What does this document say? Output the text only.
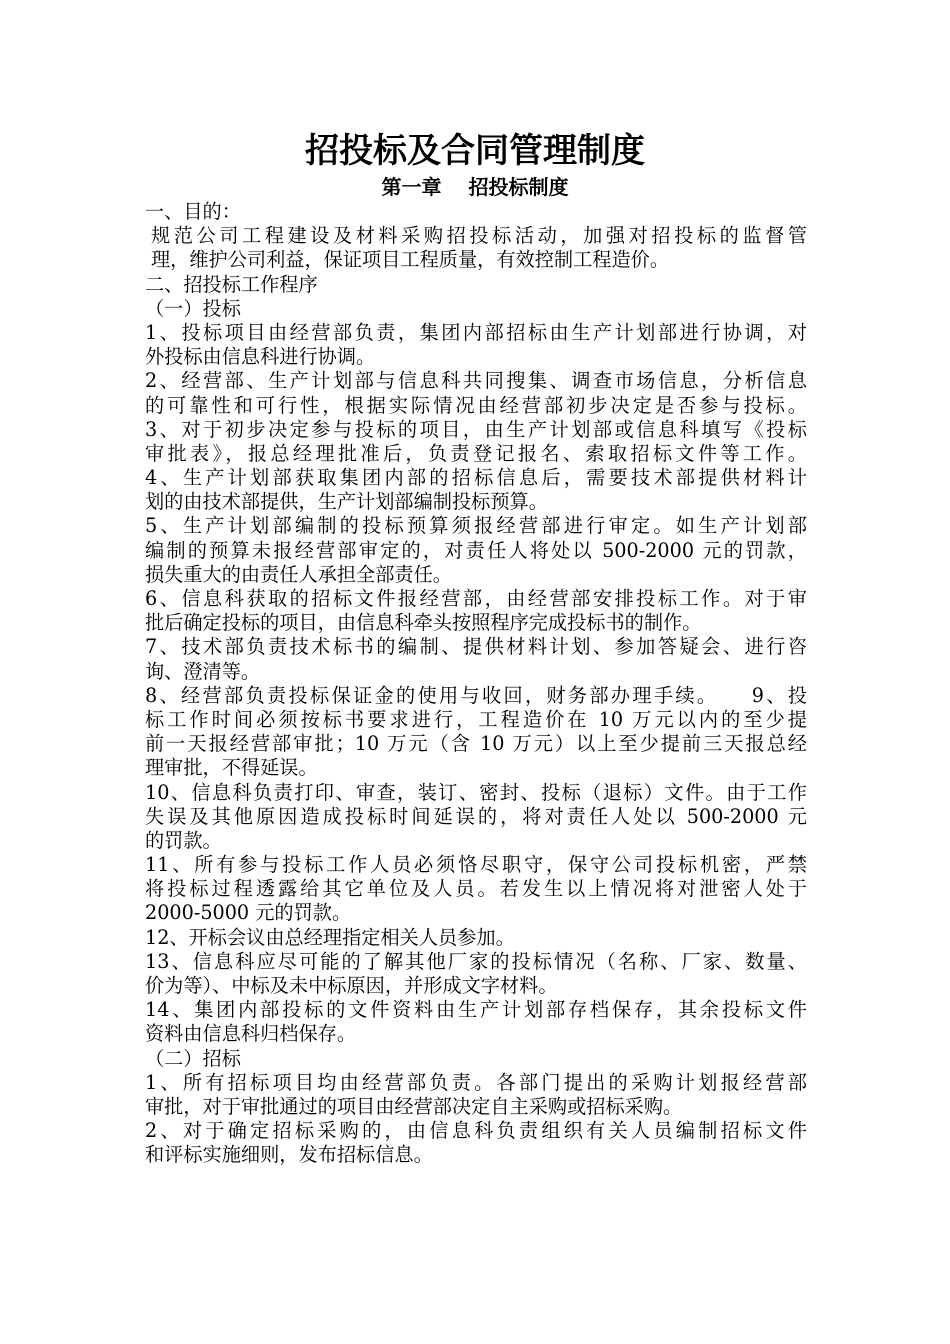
招投标及合同管理制度
第一章　 招投标制度
一、目的：
规范公司工程建设及材料采购招投标活动，加强对招投标的监督管
理，维护公司利益，保证项目工程质量，有效控制工程造价。
二、招投标工作程序
（一）投标
1、投标项目由经营部负责，集团内部招标由生产计划部进行协调，对
外投标由信息科进行协调。
2、经营部、生产计划部与信息科共同搜集、调查市场信息，分析信息
的可靠性和可行性，根据实际情况由经营部初步决定是否参与投标。
3、对于初步决定参与投标的项目，由生产计划部或信息科填写《投标
审批表》，报总经理批准后，负责登记报名、索取招标文件等工作。
4、生产计划部获取集团内部的招标信息后，需要技术部提供材料计
划的由技术部提供，生产计划部编制投标预算。
5、生产计划部编制的投标预算须报经营部进行审定。如生产计划部
编制的预算未报经营部审定的，对责任人将处以 500-2000 元的罚款，
损失重大的由责任人承担全部责任。
6、信息科获取的招标文件报经营部，由经营部安排投标工作。对于审
批后确定投标的项目，由信息科牵头按照程序完成投标书的制作。
7、技术部负责技术标书的编制、提供材料计划、参加答疑会、进行咨
询、澄清等。
8、经营部负责投标保证金的使用与收回，财务部办理手续。　　9、投
标工作时间必须按标书要求进行，工程造价在 10 万元以内的至少提
前一天报经营部审批；10 万元（含 10 万元）以上至少提前三天报总经
理审批，不得延误。
10、信息科负责打印、审查，装订、密封、投标（退标）文件。由于工作
失误及其他原因造成投标时间延误的，将对责任人处以 500-2000 元
的罚款。
11、所有参与投标工作人员必须恪尽职守，保守公司投标机密，严禁
将投标过程透露给其它单位及人员。若发生以上情况将对泄密人处于
2000-5000 元的罚款。
12、开标会议由总经理指定相关人员参加。
13、信息科应尽可能的了解其他厂家的投标情况（名称、厂家、数量、
价为等）、中标及未中标原因，并形成文字材料。
14、集团内部投标的文件资料由生产计划部存档保存，其余投标文件
资料由信息科归档保存。
（二）招标
1、所有招标项目均由经营部负责。各部门提出的采购计划报经营部
审批，对于审批通过的项目由经营部决定自主采购或招标采购。
2、对于确定招标采购的，由信息科负责组织有关人员编制招标文件
和评标实施细则，发布招标信息。
